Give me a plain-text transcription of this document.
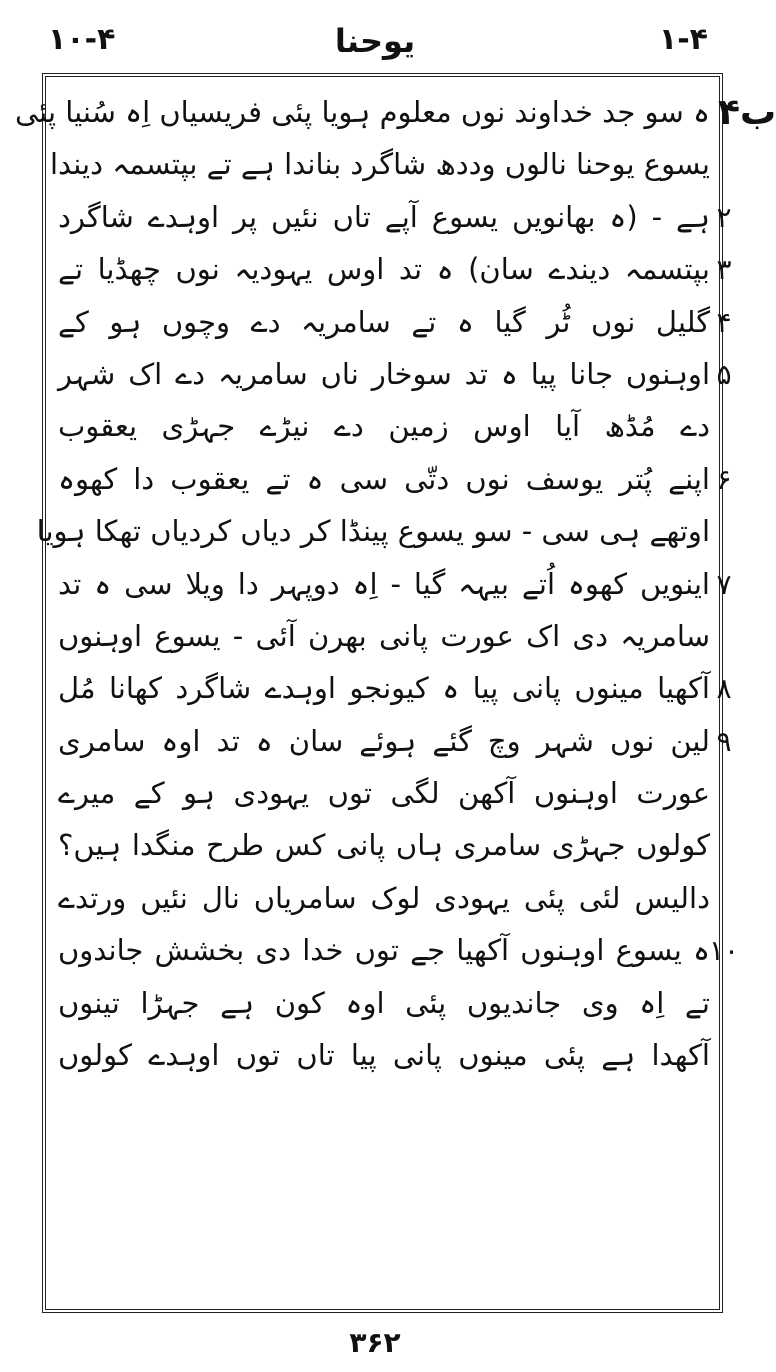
۱۰-۴	یوحنا	۱-۴
۴ب
ہ سو جد خداوند نوں معلوم ہویا پئی فریسیاں اِہ سُنیا پئی
یسوع یوحنا نالوں وددھ شاگرد بناندا ہے تے بپتسمہ دیندا
ہے - (ہ بھانویں یسوع آپے تاں نئیں پر اوہدے شاگرد
بپتسمہ دیندے سان) ہ تد اوس یہودیہ نوں چھڈیا تے
گلیل نوں ٹُر گیا ہ تے سامریہ دے وچوں ہو کے
اوہنوں جانا پیا ہ تد سوخار ناں سامریہ دے اک شہر
دے مُڈھ آیا اوس زمین دے نیڑے جہڑی یعقوب
اپنے پُتر یوسف نوں دتّی سی ہ تے یعقوب دا کھوہ
اوتھے ہی سی - سو یسوع پینڈا کر دیاں کردیاں تھکا ہویا
اینویں کھوہ اُتے بیہہ گیا - اِہ دوپہر دا ویلا سی ہ تد
سامریہ دی اک عورت پانی بھرن آئی - یسوع اوہنوں
آکھیا مینوں پانی پیا ہ کیونجو اوہدے شاگرد کھانا مُل
لین نوں شہر وچ گئے ہوئے سان ہ تد اوہ سامری
عورت اوہنوں آکھن لگی توں یہودی ہو کے میرے
کولوں جہڑی سامری ہاں پانی کس طرح منگدا ہیں؟
دالیس لئی پئی یہودی لوک سامریاں نال نئیں ورتدے
ہ یسوع اوہنوں آکھیا جے توں خدا دی بخشش جاندوں
تے اِہ وی جاندیوں پئی اوہ کون ہے جہڑا تینوں
آکھدا ہے پئی مینوں پانی پیا تاں توں اوہدے کولوں
۲
۳
۴
۵
۶
۷
۸
۹
۱۰
۳۶۲
